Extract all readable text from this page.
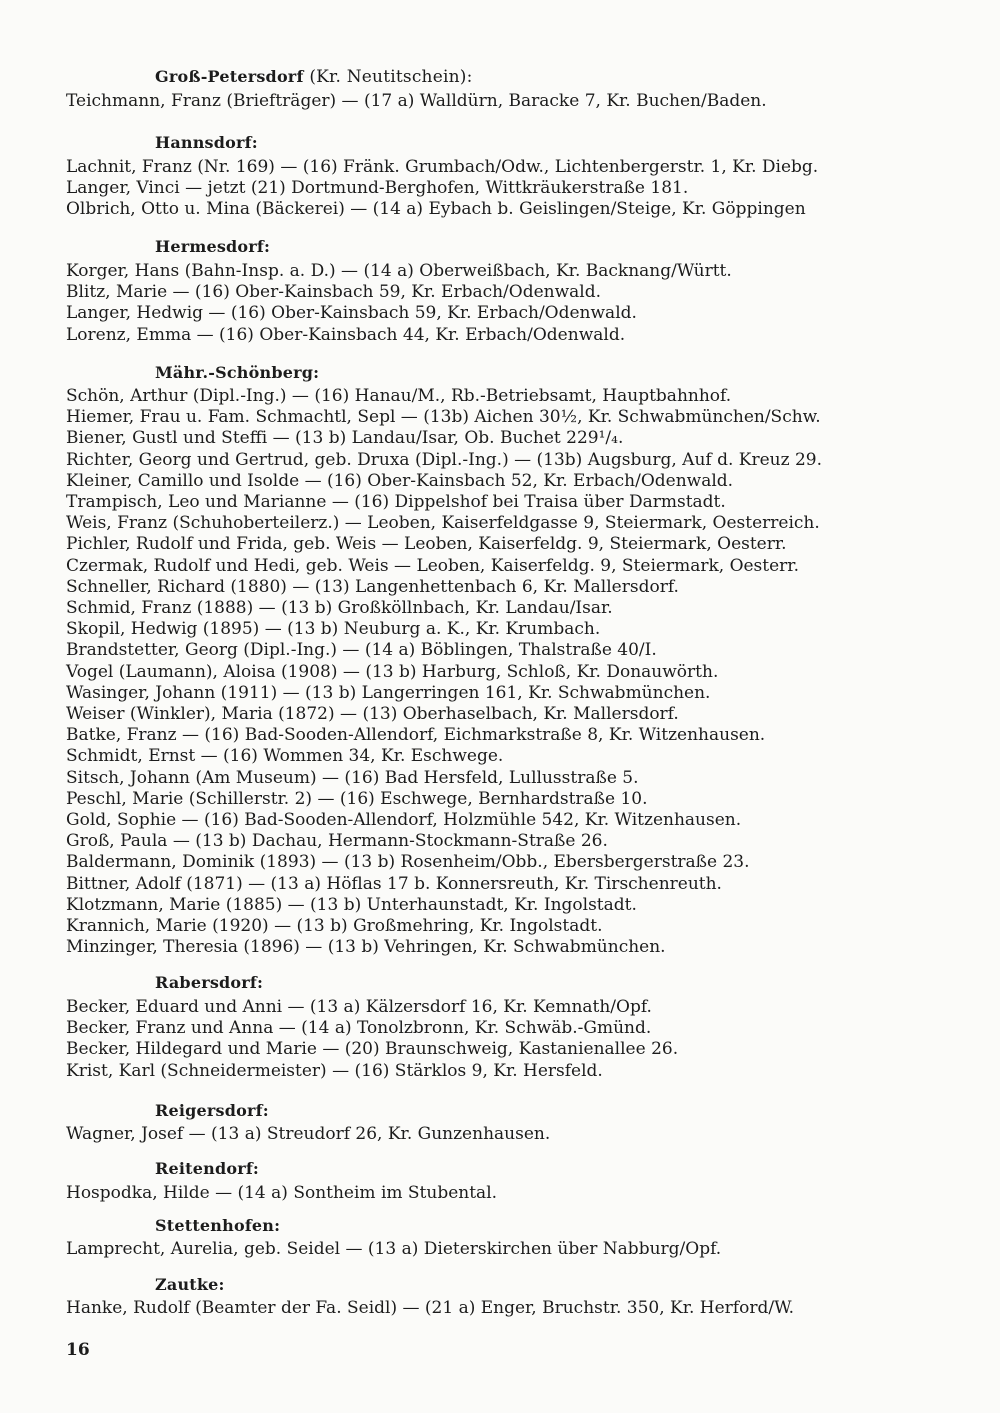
Groß-Petersdorf (Kr. Neutitschein):
Teichmann, Franz (Briefträger) — (17 a) Walldürn, Baracke 7, Kr. Buchen/Baden.
Hannsdorf:
Lachnit, Franz (Nr. 169) — (16) Fränk. Grumbach/Odw., Lichtenbergerstr. 1, Kr. Diebg.
Langer, Vinci — jetzt (21) Dortmund-Berghofen, Wittkräukerstraße 181.
Olbrich, Otto u. Mina (Bäckerei) — (14 a) Eybach b. Geislingen/Steige, Kr. Göppingen
Hermesdorf:
Korger, Hans (Bahn-Insp. a. D.) — (14 a) Oberweißbach, Kr. Backnang/Württ.
Blitz, Marie — (16) Ober-Kainsbach 59, Kr. Erbach/Odenwald.
Langer, Hedwig — (16) Ober-Kainsbach 59, Kr. Erbach/Odenwald.
Lorenz, Emma — (16) Ober-Kainsbach 44, Kr. Erbach/Odenwald.
Mähr.-Schönberg:
Schön, Arthur (Dipl.-Ing.) — (16) Hanau/M., Rb.-Betriebsamt, Hauptbahnhof.
Hiemer, Frau u. Fam. Schmachtl, Sepl — (13b) Aichen 30½, Kr. Schwabmünchen/Schw.
Biener, Gustl und Steffi — (13 b) Landau/Isar, Ob. Buchet 229¹/₄.
Richter, Georg und Gertrud, geb. Druxa (Dipl.-Ing.) — (13b) Augsburg, Auf d. Kreuz 29.
Kleiner, Camillo und Isolde — (16) Ober-Kainsbach 52, Kr. Erbach/Odenwald.
Trampisch, Leo und Marianne — (16) Dippelshof bei Traisa über Darmstadt.
Weis, Franz (Schuhoberteilerz.) — Leoben, Kaiserfeldgasse 9, Steiermark, Oesterreich.
Pichler, Rudolf und Frida, geb. Weis — Leoben, Kaiserfeldg. 9, Steiermark, Oesterr.
Czermak, Rudolf und Hedi, geb. Weis — Leoben, Kaiserfeldg. 9, Steiermark, Oesterr.
Schneller, Richard (1880) — (13) Langenhettenbach 6, Kr. Mallersdorf.
Schmid, Franz (1888) — (13 b) Großköllnbach, Kr. Landau/Isar.
Skopil, Hedwig (1895) — (13 b) Neuburg a. K., Kr. Krumbach.
Brandstetter, Georg (Dipl.-Ing.) — (14 a) Böblingen, Thalstraße 40/I.
Vogel (Laumann), Aloisa (1908) — (13 b) Harburg, Schloß, Kr. Donauwörth.
Wasinger, Johann (1911) — (13 b) Langerringen 161, Kr. Schwabmünchen.
Weiser (Winkler), Maria (1872) — (13) Oberhaselbach, Kr. Mallersdorf.
Batke, Franz — (16) Bad-Sooden-Allendorf, Eichmarkstraße 8, Kr. Witzenhausen.
Schmidt, Ernst — (16) Wommen 34, Kr. Eschwege.
Sitsch, Johann (Am Museum) — (16) Bad Hersfeld, Lullusstraße 5.
Peschl, Marie (Schillerstr. 2) — (16) Eschwege, Bernhardstraße 10.
Gold, Sophie — (16) Bad-Sooden-Allendorf, Holzmühle 542, Kr. Witzenhausen.
Groß, Paula — (13 b) Dachau, Hermann-Stockmann-Straße 26.
Baldermann, Dominik (1893) — (13 b) Rosenheim/Obb., Ebersbergerstraße 23.
Bittner, Adolf (1871) — (13 a) Höflas 17 b. Konnersreuth, Kr. Tirschenreuth.
Klotzmann, Marie (1885) — (13 b) Unterhaunstadt, Kr. Ingolstadt.
Krannich, Marie (1920) — (13 b) Großmehring, Kr. Ingolstadt.
Minzinger, Theresia (1896) — (13 b) Vehringen, Kr. Schwabmünchen.
Rabersdorf:
Becker, Eduard und Anni — (13 a) Kälzersdorf 16, Kr. Kemnath/Opf.
Becker, Franz und Anna — (14 a) Tonolzbronn, Kr. Schwäb.-Gmünd.
Becker, Hildegard und Marie — (20) Braunschweig, Kastanienallee 26.
Krist, Karl (Schneidermeister) — (16) Stärklos 9, Kr. Hersfeld.
Reigersdorf:
Wagner, Josef — (13 a) Streudorf 26, Kr. Gunzenhausen.
Reitendorf:
Hospodka, Hilde — (14 a) Sontheim im Stubental.
Stettenhofen:
Lamprecht, Aurelia, geb. Seidel — (13 a) Dieterskirchen über Nabburg/Opf.
Zautke:
Hanke, Rudolf (Beamter der Fa. Seidl) — (21 a) Enger, Bruchstr. 350, Kr. Herford/W.
16
